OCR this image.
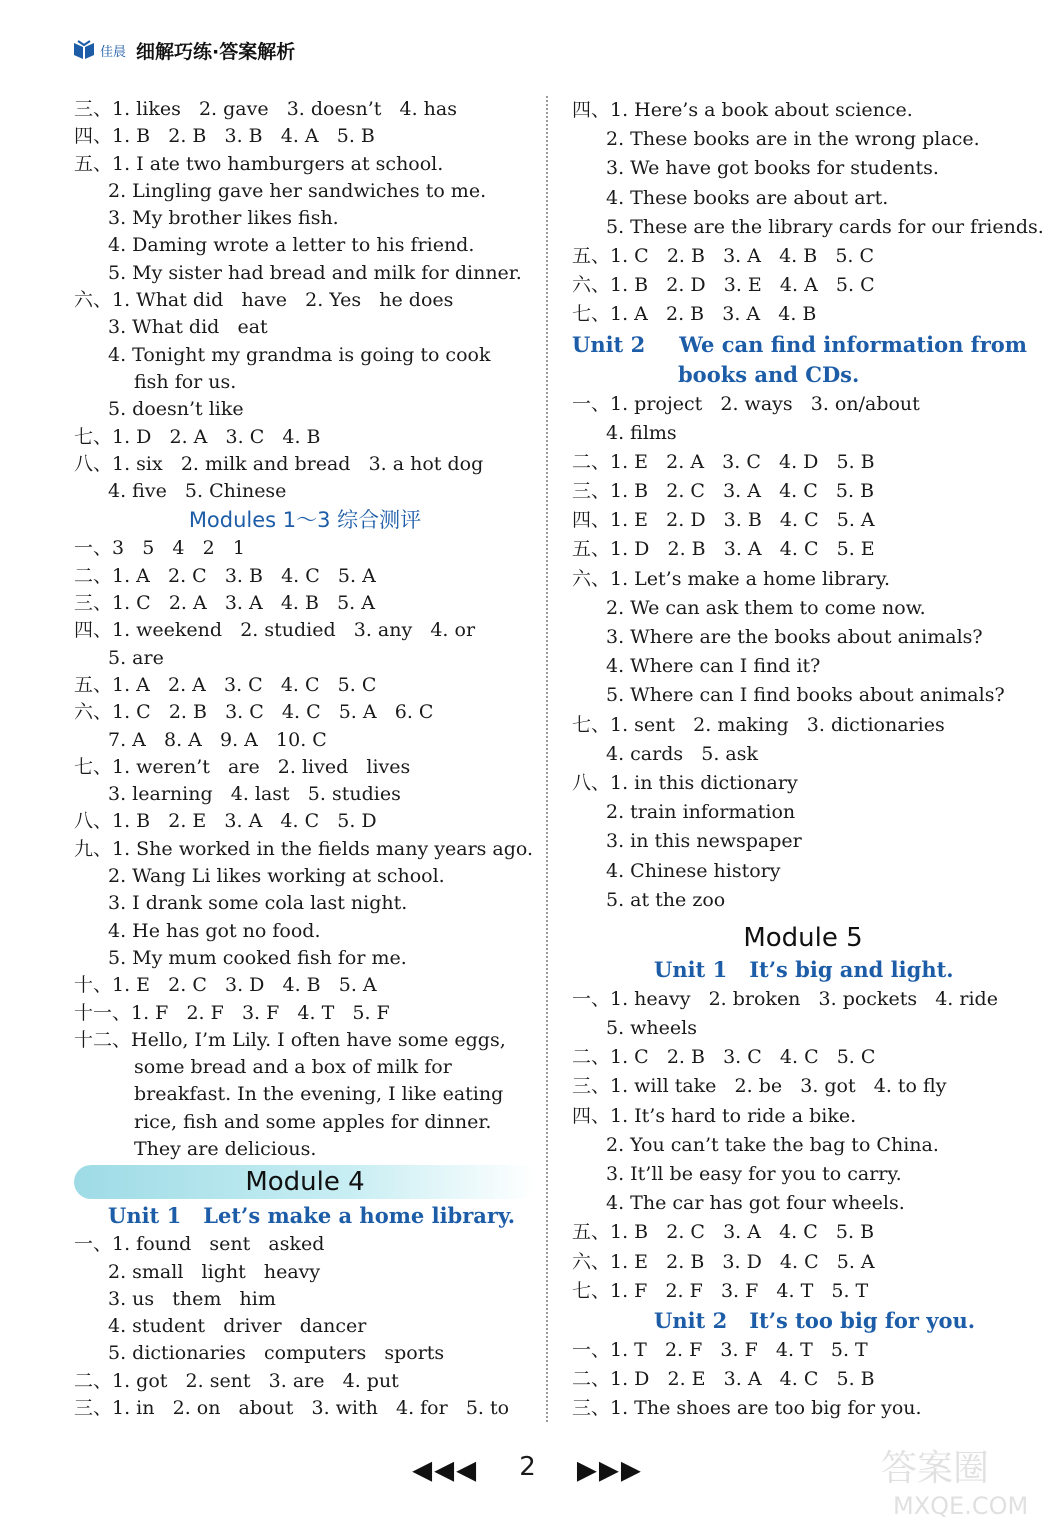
佳晨 细解巧练·答案解析
三、1. likes   2. gave   3. doesn’t   4. has
四、1. B   2. B   3. B   4. A   5. B
五、1. I ate two hamburgers at school.
2. Lingling gave her sandwiches to me.
3. My brother likes fish.
4. Daming wrote a letter to his friend.
5. My sister had bread and milk for dinner.
六、1. What did   have   2. Yes   he does
3. What did   eat
4. Tonight my grandma is going to cook
fish for us.
5. doesn’t like
七、1. D   2. A   3. C   4. B
八、1. six   2. milk and bread   3. a hot dog
4. five   5. Chinese
Modules 1～3 综合测评
一、3   5   4   2   1
二、1. A   2. C   3. B   4. C   5. A
三、1. C   2. A   3. A   4. B   5. A
四、1. weekend   2. studied   3. any   4. or
5. are
五、1. A   2. A   3. C   4. C   5. C
六、1. C   2. B   3. C   4. C   5. A   6. C
7. A   8. A   9. A   10. C
七、1. weren’t   are   2. lived   lives
3. learning   4. last   5. studies
八、1. B   2. E   3. A   4. C   5. D
九、1. She worked in the fields many years ago.
2. Wang Li likes working at school.
3. I drank some cola last night.
4. He has got no food.
5. My mum cooked fish for me.
十、1. E   2. C   3. D   4. B   5. A
十一、1. F   2. F   3. F   4. T   5. F
十二、Hello, I’m Lily. I often have some eggs,
some bread and a box of milk for
breakfast. In the evening, I like eating
rice, fish and some apples for dinner.
They are delicious.
Module 4
Unit 1 Let’s make a home library.
一、1. found   sent   asked
2. small   light   heavy
3. us   them   him
4. student   driver   dancer
5. dictionaries   computers   sports
二、1. got   2. sent   3. are   4. put
三、1. in   2. on   about   3. with   4. for   5. to
四、1. Here’s a book about science.
2. These books are in the wrong place.
3. We have got books for students.
4. These books are about art.
5. These are the library cards for our friends.
五、1. C   2. B   3. A   4. B   5. C
六、1. B   2. D   3. E   4. A   5. C
七、1. A   2. B   3. A   4. B
Unit 2 We can find information from
books and CDs.
一、1. project   2. ways   3. on/about
4. films
二、1. E   2. A   3. C   4. D   5. B
三、1. B   2. C   3. A   4. C   5. B
四、1. E   2. D   3. B   4. C   5. A
五、1. D   2. B   3. A   4. C   5. E
六、1. Let’s make a home library.
2. We can ask them to come now.
3. Where are the books about animals?
4. Where can I find it?
5. Where can I find books about animals?
七、1. sent   2. making   3. dictionaries
4. cards   5. ask
八、1. in this dictionary
2. train information
3. in this newspaper
4. Chinese history
5. at the zoo
Module 5
Unit 1 It’s big and light.
一、1. heavy   2. broken   3. pockets   4. ride
5. wheels
二、1. C   2. B   3. C   4. C   5. C
三、1. will take   2. be   3. got   4. to fly
四、1. It’s hard to ride a bike.
2. You can’t take the bag to China.
3. It’ll be easy for you to carry.
4. The car has got four wheels.
五、1. B   2. C   3. A   4. C   5. B
六、1. E   2. B   3. D   4. C   5. A
七、1. F   2. F   3. F   4. T   5. T
Unit 2 It’s too big for you.
一、1. T   2. F   3. F   4. T   5. T
二、1. D   2. E   3. A   4. C   5. B
三、1. The shoes are too big for you.
◀◀◀ 2 ▶▶▶	答案圈
MXQE.COM
